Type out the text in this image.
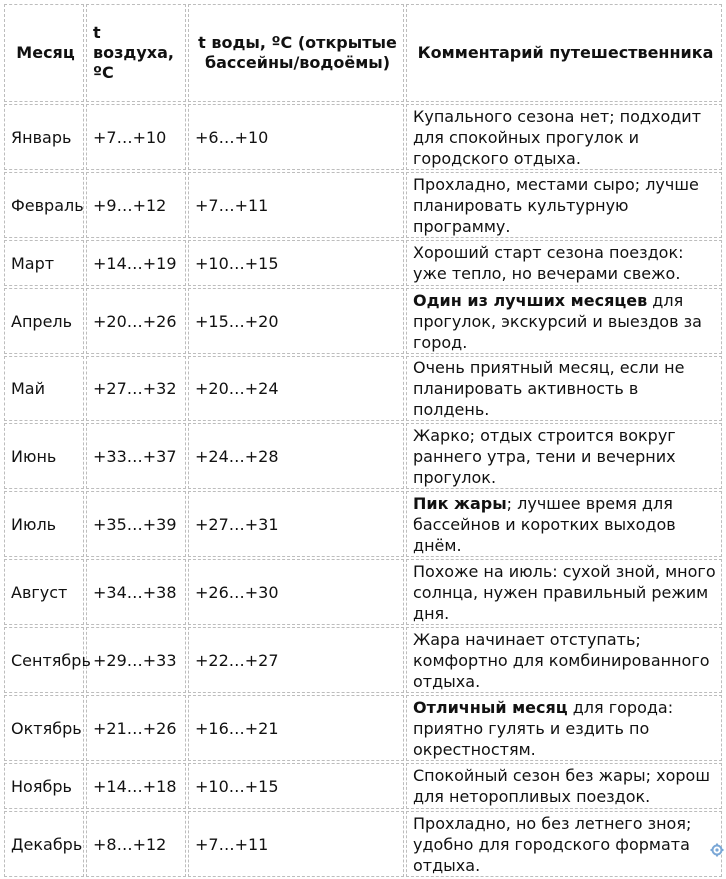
Месяц	t воздуха, ºC	t воды, ºC (открытые бассейны/водоёмы)	Комментарий путешественника
Январь	+7…+10	+6…+10	Купального сезона нет; подходит для спокойных прогулок и городского отдыха.
Февраль	+9…+12	+7…+11	Прохладно, местами сыро; лучше планировать культурную программу.
Март	+14…+19	+10…+15	Хороший старт сезона поездок: уже тепло, но вечерами свежо.
Апрель	+20…+26	+15…+20	Один из лучших месяцев для прогулок, экскурсий и выездов за город.
Май	+27…+32	+20…+24	Очень приятный месяц, если не планировать активность в полдень.
Июнь	+33…+37	+24…+28	Жарко; отдых строится вокруг раннего утра, тени и вечерних прогулок.
Июль	+35…+39	+27…+31	Пик жары; лучшее время для бассейнов и коротких выходов днём.
Август	+34…+38	+26…+30	Похоже на июль: сухой зной, много солнца, нужен правильный режим дня.
Сентябрь	+29…+33	+22…+27	Жара начинает отступать; комфортно для комбинированного отдыха.
Октябрь	+21…+26	+16…+21	Отличный месяц для города: приятно гулять и ездить по окрестностям.
Ноябрь	+14…+18	+10…+15	Спокойный сезон без жары; хорош для неторопливых поездок.
Декабрь	+8…+12	+7…+11	Прохладно, но без летнего зноя; удобно для городского формата отдыха.
